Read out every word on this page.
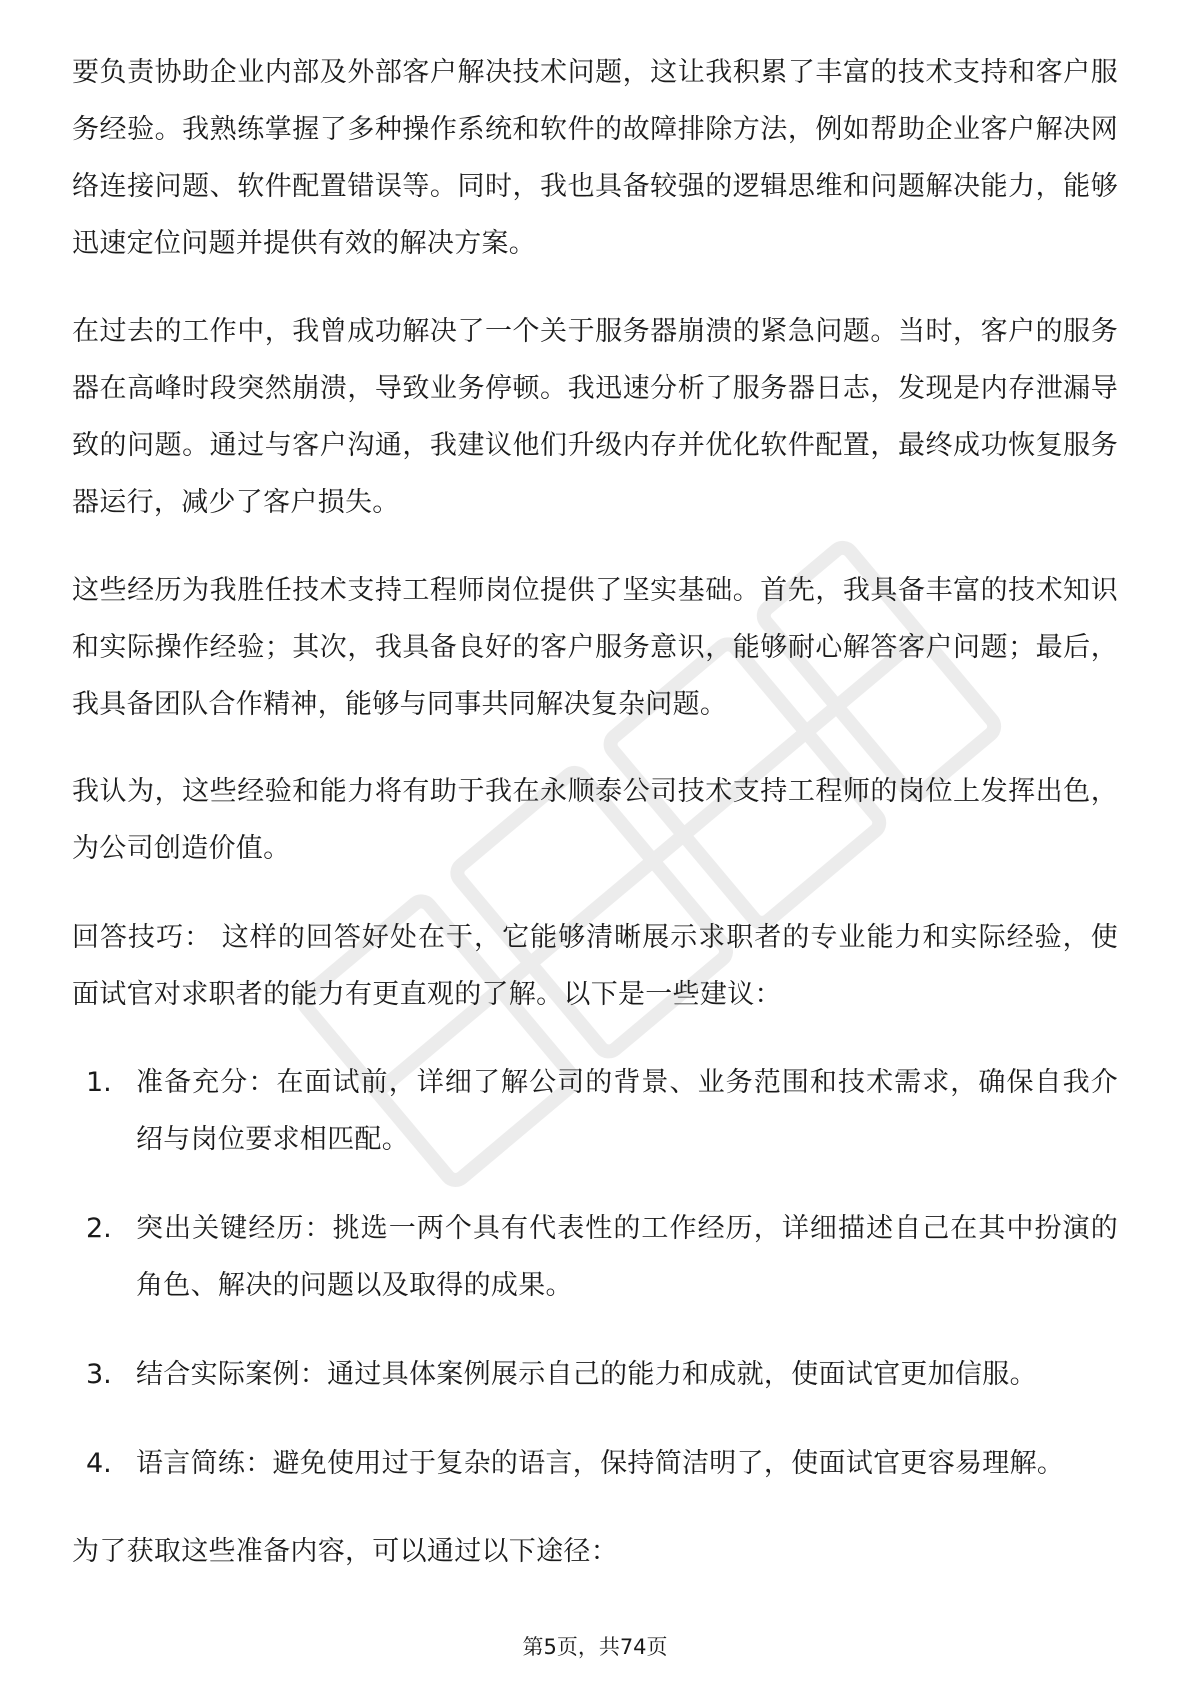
要负责协助企业内部及外部客户解决技术问题，这让我积累了丰富的技术支持和客户服务经验。我熟练掌握了多种操作系统和软件的故障排除方法，例如帮助企业客户解决网络连接问题、软件配置错误等。同时，我也具备较强的逻辑思维和问题解决能力，能够迅速定位问题并提供有效的解决方案。

在过去的工作中，我曾成功解决了一个关于服务器崩溃的紧急问题。当时，客户的服务器在高峰时段突然崩溃，导致业务停顿。我迅速分析了服务器日志，发现是内存泄漏导致的问题。通过与客户沟通，我建议他们升级内存并优化软件配置，最终成功恢复服务器运行，减少了客户损失。

这些经历为我胜任技术支持工程师岗位提供了坚实基础。首先，我具备丰富的技术知识和实际操作经验；其次，我具备良好的客户服务意识，能够耐心解答客户问题；最后，我具备团队合作精神，能够与同事共同解决复杂问题。

我认为，这些经验和能力将有助于我在永顺泰公司技术支持工程师的岗位上发挥出色，为公司创造价值。

回答技巧： 这样的回答好处在于，它能够清晰展示求职者的专业能力和实际经验，使面试官对求职者的能力有更直观的了解。以下是一些建议：

1. 准备充分：在面试前，详细了解公司的背景、业务范围和技术需求，确保自我介绍与岗位要求相匹配。
2. 突出关键经历：挑选一两个具有代表性的工作经历，详细描述自己在其中扮演的角色、解决的问题以及取得的成果。
3. 结合实际案例：通过具体案例展示自己的能力和成就，使面试官更加信服。
4. 语言简练：避免使用过于复杂的语言，保持简洁明了，使面试官更容易理解。

为了获取这些准备内容，可以通过以下途径：

第5页，共74页
